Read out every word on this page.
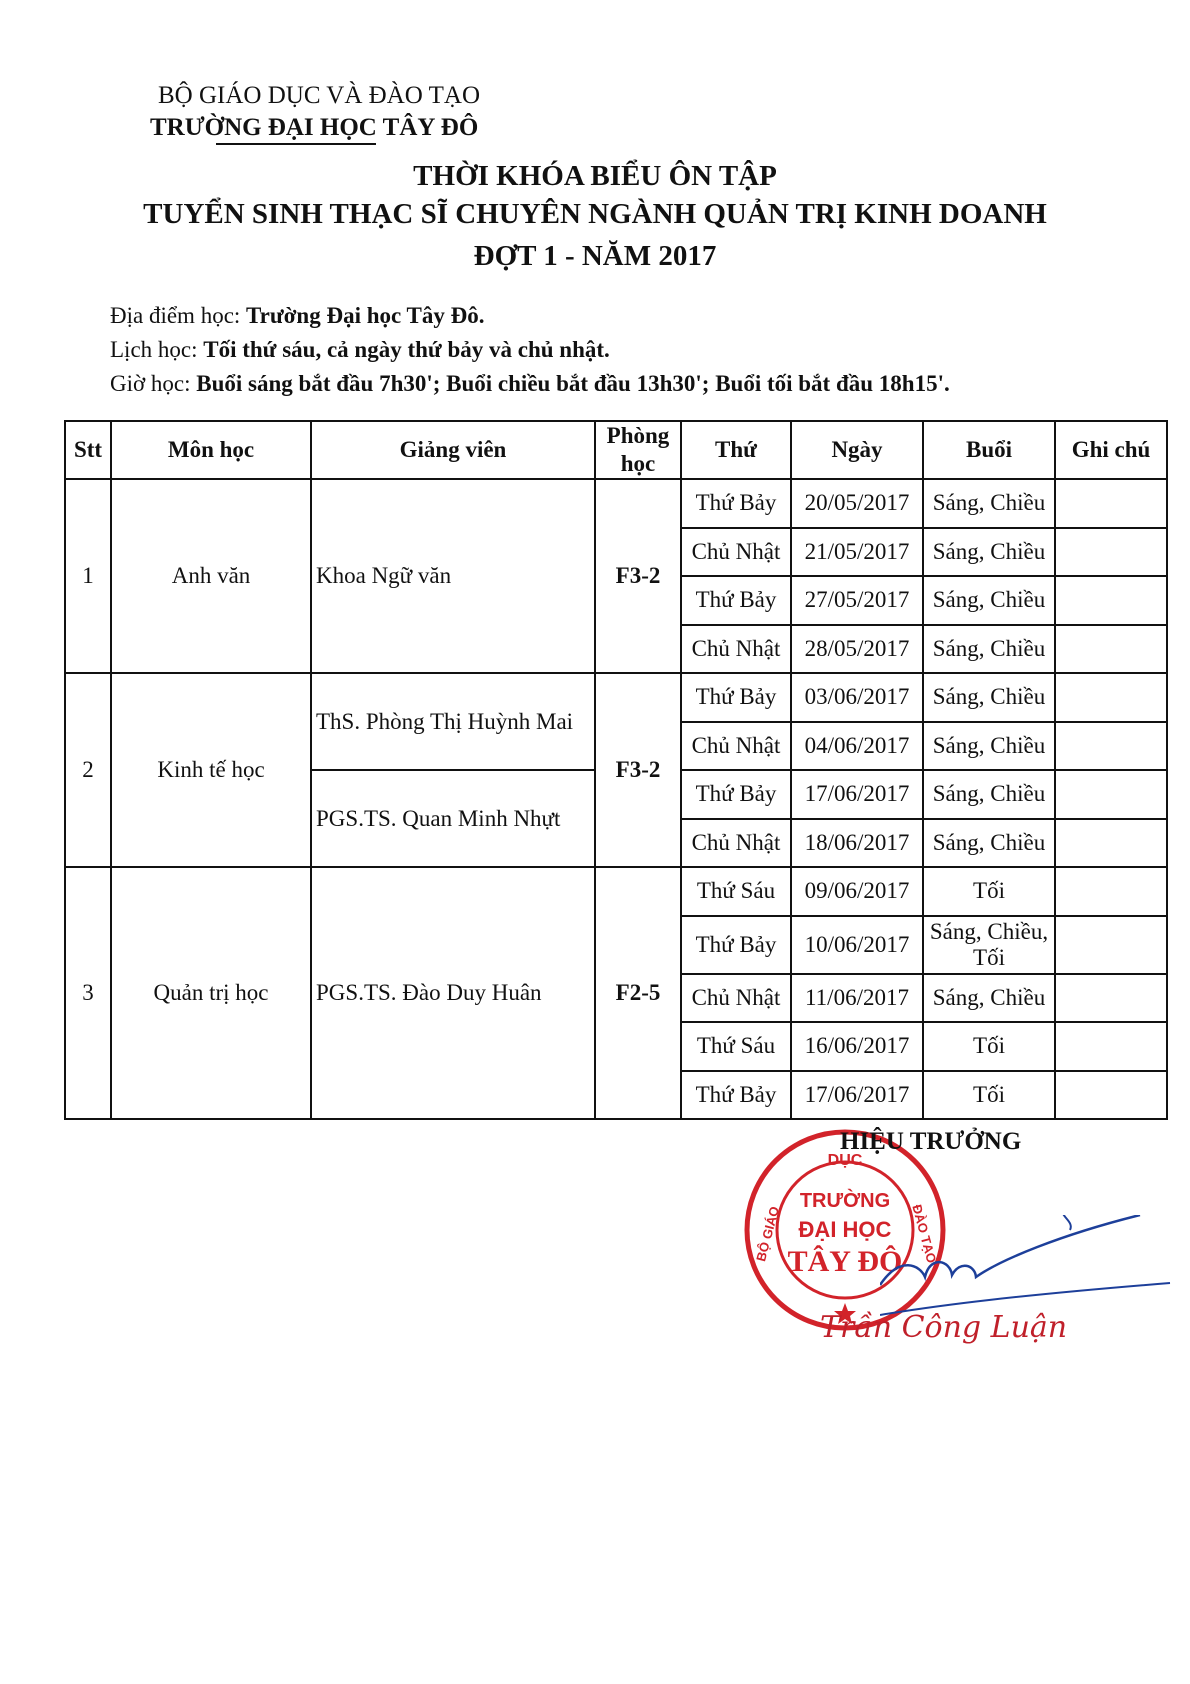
BỘ GIÁO DỤC VÀ ĐÀO TẠO
TRƯỜNG ĐẠI HỌC TÂY ĐÔ
THỜI KHÓA BIỂU ÔN TẬP
TUYỂN SINH THẠC SĨ CHUYÊN NGÀNH QUẢN TRỊ KINH DOANH
ĐỢT 1 - NĂM 2017
Địa điểm học: Trường Đại học Tây Đô.
Lịch học: Tối thứ sáu, cả ngày thứ bảy và chủ nhật.
Giờ học: Buổi sáng bắt đầu 7h30'; Buổi chiều bắt đầu 13h30'; Buổi tối bắt đầu 18h15'.
Stt	Môn học	Giảng viên	Phòng học	Thứ	Ngày	Buổi	Ghi chú
1	Anh văn	Khoa Ngữ văn	F3-2	Thứ Bảy	20/05/2017	Sáng, Chiều	
				Chủ Nhật	21/05/2017	Sáng, Chiều	
				Thứ Bảy	27/05/2017	Sáng, Chiều	
				Chủ Nhật	28/05/2017	Sáng, Chiều	
2	Kinh tế học	ThS. Phòng Thị Huỳnh Mai	F3-2	Thứ Bảy	03/06/2017	Sáng, Chiều	
				Chủ Nhật	04/06/2017	Sáng, Chiều	
		PGS.TS. Quan Minh Nhựt		Thứ Bảy	17/06/2017	Sáng, Chiều	
				Chủ Nhật	18/06/2017	Sáng, Chiều	
3	Quản trị học	PGS.TS. Đào Duy Huân	F2-5	Thứ Sáu	09/06/2017	Tối	
				Thứ Bảy	10/06/2017	Sáng, Chiều, Tối	
				Chủ Nhật	11/06/2017	Sáng, Chiều	
				Thứ Sáu	16/06/2017	Tối	
				Thứ Bảy	17/06/2017	Tối	
DỤC
BỘ GIÁO	ĐÀO TẠO
TRƯỜNG
ĐẠI HỌC
TÂY ĐÔ
HIỆU TRƯỞNG
Trần Công Luận
